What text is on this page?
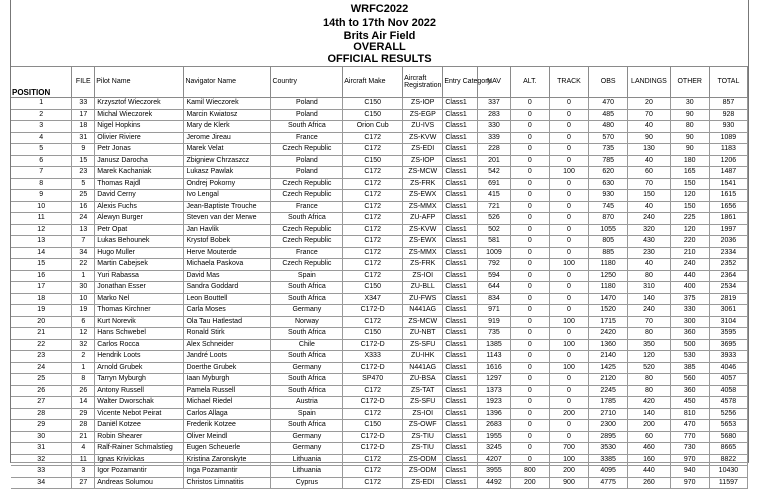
WRFC2022
14th to 17th Nov 2022
Brits Air Field
OVERALL
OFFICIAL RESULTS
POSITION	FILE	Pilot Name	Navigator Name	Country	Aircraft Make	Aircraft Registration	Entry Category	NAV	ALT.	TRACK	OBS	LANDINGS	OTHER	TOTAL
1	33	Krzysztof Wieczorek	Kamil Wieczorek	Poland	C150	ZS-IOP	Class1	337	0	0	470	20	30	857
2	17	Michal Wieczorek	Marcin Kwiatosz	Poland	C150	ZS-EGP	Class1	283	0	0	485	70	90	928
3	18	Nigel Hopkins	Mary de Klerk	South Africa	Orion Cub	ZU-IVS	Class1	330	0	0	480	40	80	930
4	31	Olivier Riviere	Jerome Jireau	France	C172	ZS-KVW	Class1	339	0	0	570	90	90	1089
5	9	Petr Jonas	Marek Velat	Czech Republic	C172	ZS-EDI	Class1	228	0	0	735	130	90	1183
6	15	Janusz Darocha	Zbigniew Chrzaszcz	Poland	C150	ZS-IOP	Class1	201	0	0	785	40	180	1206
7	23	Marek Kachaniak	Lukasz Pawlak	Poland	C172	ZS-MCW	Class1	542	0	100	620	60	165	1487
8	5	Thomas Rajdl	Ondrej Pokorny	Czech Republic	C172	ZS-FRK	Class1	691	0	0	630	70	150	1541
9	25	David Cerny	Ivo Lengal	Czech Republic	C172	ZS-EWX	Class1	415	0	0	930	150	120	1615
10	16	Alexis Fuchs	Jean-Baptiste Trouche	France	C172	ZS-MMX	Class1	721	0	0	745	40	150	1656
11	24	Alewyn Burger	Steven van der Merwe	South Africa	C172	ZU-AFP	Class1	526	0	0	870	240	225	1861
12	13	Petr Opat	Jan Havlik	Czech Republic	C172	ZS-KVW	Class1	502	0	0	1055	320	120	1997
13	7	Lukas Behounek	Krystof Bobek	Czech Republic	C172	ZS-EWX	Class1	581	0	0	805	430	220	2036
14	34	Hugo Muller	Herve Mouterde	France	C172	ZS-MMX	Class1	1009	0	0	885	230	210	2334
15	22	Martin Cabejsek	Michaela Paskova	Czech Republic	C172	ZS-FRK	Class1	792	0	100	1180	40	240	2352
16	1	Yuri Rabassa	David Mas	Spain	C172	ZS-IOI	Class1	594	0	0	1250	80	440	2364
17	30	Jonathan Esser	Sandra Goddard	South Africa	C150	ZU-BLL	Class1	644	0	0	1180	310	400	2534
18	10	Marko Nel	Leon Bouttell	South Africa	X347	ZU-FWS	Class1	834	0	0	1470	140	375	2819
19	19	Thomas Kirchner	Carla Moses	Germany	C172-D	N441AG	Class1	971	0	0	1520	240	330	3061
20	6	Kurt Norevik	Ola Tau Hatlestad	Norway	C172	ZS-MCW	Class1	919	0	100	1715	70	300	3104
21	12	Hans Schwebel	Ronald Stirk	South Africa	C150	ZU-NBT	Class1	735	0	0	2420	80	360	3595
22	32	Carlos Rocca	Alex Schneider	Chile	C172-D	ZS-SFU	Class1	1385	0	100	1360	350	500	3695
23	2	Hendrik Loots	Jandré Loots	South Africa	X333	ZU-IHK	Class1	1143	0	0	2140	120	530	3933
24	1	Arnold Grubek	Doerthe Grubek	Germany	C172-D	N441AG	Class1	1616	0	100	1425	520	385	4046
25	8	Tarryn Myburgh	Iaan Myburgh	South Africa	SP470	ZU-BSA	Class1	1297	0	0	2120	80	560	4057
26	26	Antony Russell	Pamela Russell	South Africa	C172	ZS-TAT	Class1	1373	0	0	2245	80	360	4058
27	14	Walter Dworschak	Michael Riedel	Austria	C172-D	ZS-SFU	Class1	1923	0	0	1785	420	450	4578
28	29	Vicente Nebot Peirat	Carlos Allaga	Spain	C172	ZS-IOI	Class1	1396	0	200	2710	140	810	5256
29	28	Daniël Kotzee	Frederik Kotzee	South Africa	C150	ZS-OWF	Class1	2683	0	0	2300	200	470	5653
30	21	Robin Shearer	Oliver Meindl	Germany	C172-D	ZS-TIU	Class1	1955	0	0	2895	60	770	5680
31	4	Ralf-Rainer Schmalstieg	Eugen Scheuerle	Germany	C172-D	ZS-TIU	Class1	3245	0	700	3530	460	730	8665
32	11	Ignas Krivickas	Kristina Zaronskyte	Lithuania	C172	ZS-ODM	Class1	4207	0	100	3385	160	970	8822
33	3	Igor Pozamantir	Inga Pozamantir	Lithuania	C172	ZS-ODM	Class1	3955	800	200	4095	440	940	10430
34	27	Andreas Solumou	Christos Limnatitis	Cyprus	C172	ZS-EDI	Class1	4492	200	900	4775	260	970	11597
